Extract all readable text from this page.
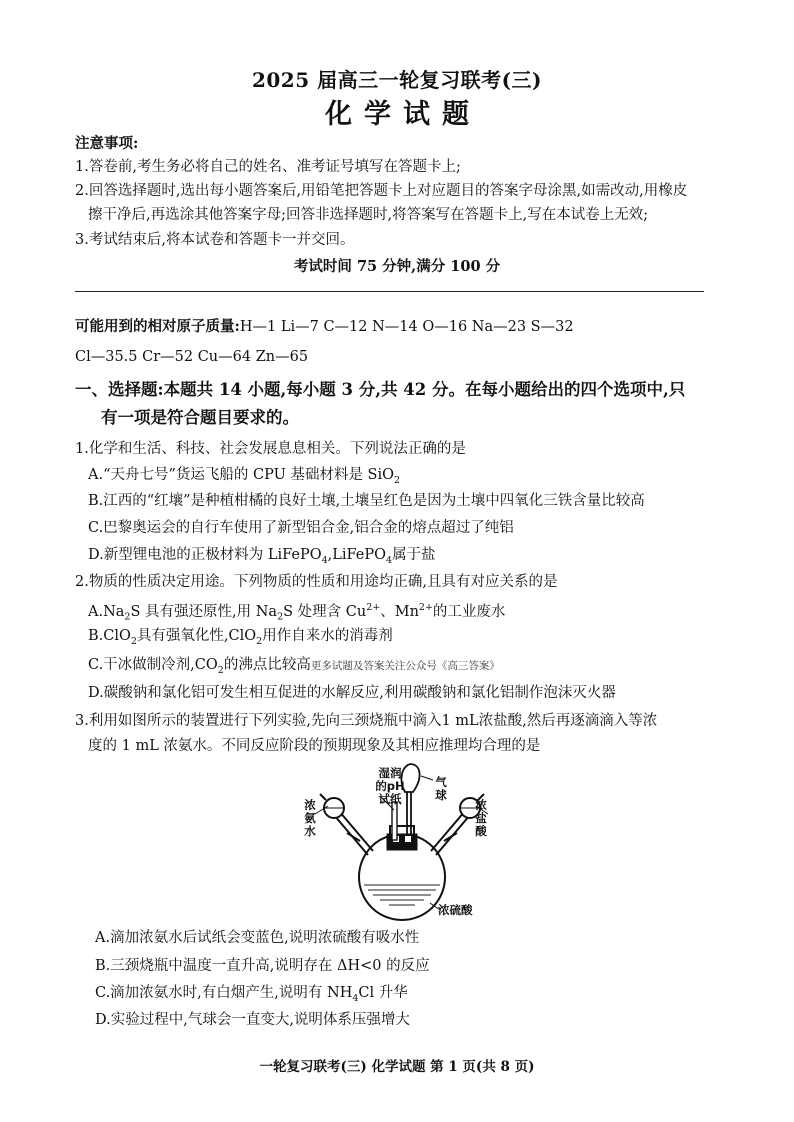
2025 届高三一轮复习联考(三)
化学试题
注意事项:
1.答卷前,考生务必将自己的姓名、准考证号填写在答题卡上;
2.回答选择题时,选出每小题答案后,用铅笔把答题卡上对应题目的答案字母涂黑,如需改动,用橡皮
擦干净后,再选涂其他答案字母;回答非选择题时,将答案写在答题卡上,写在本试卷上无效;
3.考试结束后,将本试卷和答题卡一并交回。
考试时间 75 分钟,满分 100 分
可能用到的相对原子质量:H—1 Li—7 C—12 N—14 O—16 Na—23 S—32
Cl—35.5 Cr—52 Cu—64 Zn—65
一、选择题:本题共 14 小题,每小题 3 分,共 42 分。在每小题给出的四个选项中,只
有一项是符合题目要求的。
1.化学和生活、科技、社会发展息息相关。下列说法正确的是
A.“天舟七号”货运飞船的 CPU 基础材料是 SiO$_2$
B.江西的“红壤”是种植柑橘的良好土壤,土壤呈红色是因为土壤中四氧化三铁含量比较高
C.巴黎奥运会的自行车使用了新型铝合金,铝合金的熔点超过了纯铝
D.新型锂电池的正极材料为 LiFePO$_4$,LiFePO$_4$属于盐
2.物质的性质决定用途。下列物质的性质和用途均正确,且具有对应关系的是
$A.Na_2S$ 具有强还原性,用 $Na_2S$ 处理含 $Cu^{2+}$、$Mn^{2+}$的工业废水
B.ClO$_2$具有强氧化性,ClO$_2$用作自来水的消毒剂
C.干冰做制冷剂$,CO_2$的沸点比较高更多试题及答案关注公众号《高三答案》
D.碳酸钠和氯化铝可发生相互促进的水解反应,利用碳酸钠和氯化铝制作泡沫灭火器
3.利用如图所示的装置进行下列实验,先向三颈烧瓶中滴入1 mL浓盐酸,然后再逐滴滴入等浓
度的 1 mL 浓氨水。不同反应阶段的预期现象及其相应推理均合理的是
湿润
的pH
试纸
气
球
浓
氨
水
浓
盐
酸
浓硫酸
A.滴加浓氨水后试纸会变蓝色,说明浓硫酸有吸水性
B.三颈烧瓶中温度一直升高,说明存在 ΔH<0 的反应
C.滴加浓氨水时,有白烟产生,说明有 $NH_4Cl$ 升华
D.实验过程中,气球会一直变大,说明体系压强增大
一轮复习联考(三) 化学试题 第 1 页(共 8 页)
